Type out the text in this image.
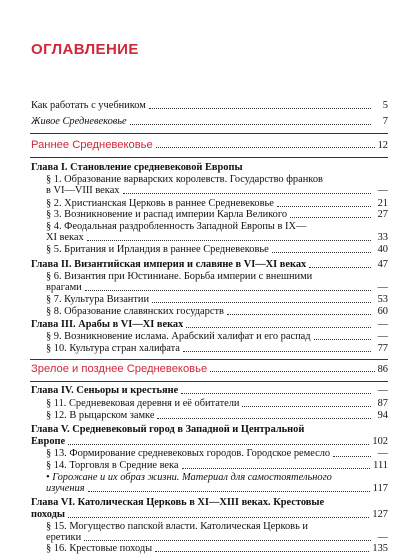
ОГЛАВЛЕНИЕ
Как работать с учебником	5
Живое Средневековье	7
Раннее Средневековье	12
Глава I. Становление средневековой Европы
§ 1. Образование варварских королевств. Государство франков
в VI—VIII веках	—
§ 2. Христианская Церковь в раннее Средневековье	21
§ 3. Возникновение и распад империи Карла Великого	27
§ 4. Феодальная раздробленность Западной Европы в IX—
XI веках	33
§ 5. Британия и Ирландия в раннее Средневековье	40
Глава II. Византийская империя и славяне в VI—XI веках	47
§ 6. Византия при Юстиниане. Борьба империи с внешними
врагами	—
§ 7. Культура Византии	53
§ 8. Образование славянских государств	60
Глава III. Арабы в VI—XI веках	—
§ 9. Возникновение ислама. Арабский халифат и его распад	—
§ 10. Культура стран халифата	77
Зрелое и позднее Средневековье	86
Глава IV. Сеньоры и крестьяне	—
§ 11. Средневековая деревня и её обитатели	87
§ 12. В рыцарском замке	94
Глава V. Средневековый город в Западной и Центральной
Европе	102
§ 13. Формирование средневековых городов. Городское ремесло	—
§ 14. Торговля в Средние века	111
• Горожане и их образ жизни. Материал для самостоятельного
изучения	117
Глава VI. Католическая Церковь в XI—XIII веках. Крестовые
походы	127
§ 15. Могущество папской власти. Католическая Церковь и
еретики	—
§ 16. Крестовые походы	135
